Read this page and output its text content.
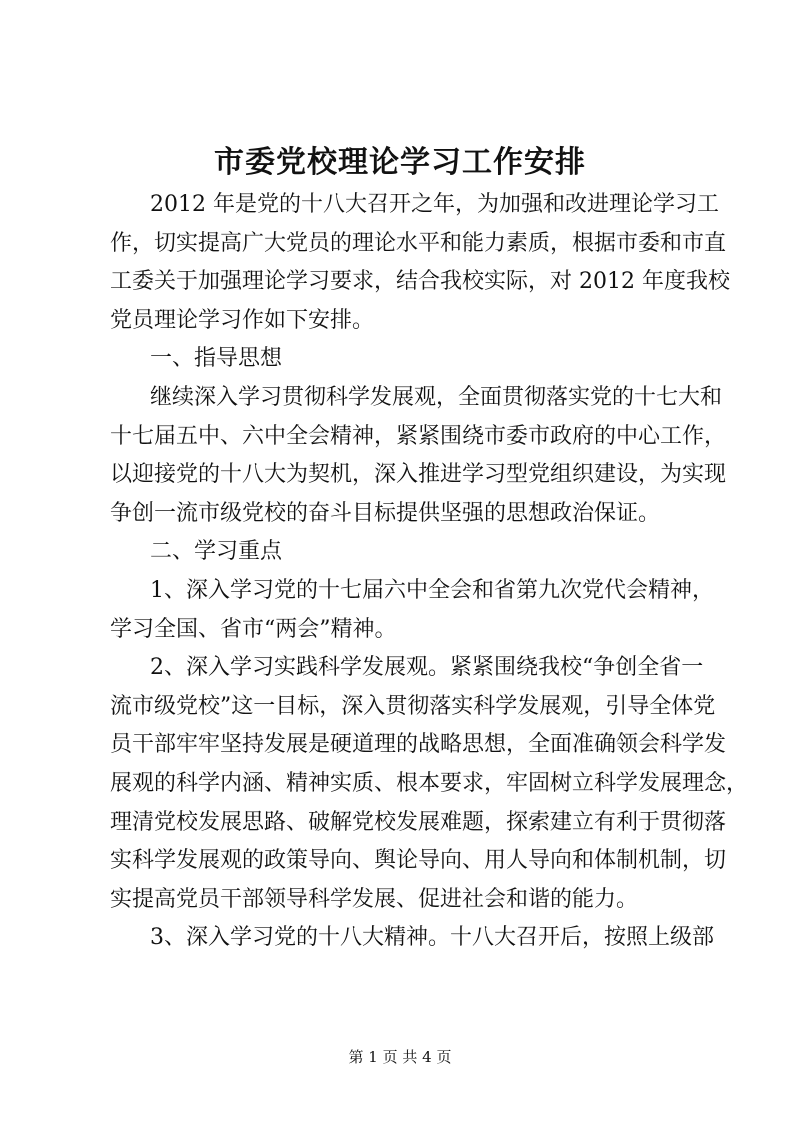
市委党校理论学习工作安排
2012 年是党的十八大召开之年，为加强和改进理论学习工
作，切实提高广大党员的理论水平和能力素质，根据市委和市直
工委关于加强理论学习要求，结合我校实际，对 2012 年度我校
党员理论学习作如下安排。
一、指导思想
继续深入学习贯彻科学发展观，全面贯彻落实党的十七大和
十七届五中、六中全会精神，紧紧围绕市委市政府的中心工作，
以迎接党的十八大为契机，深入推进学习型党组织建设，为实现
争创一流市级党校的奋斗目标提供坚强的思想政治保证。
二、学习重点
1、深入学习党的十七届六中全会和省第九次党代会精神，
学习全国、省市“两会”精神。
2、深入学习实践科学发展观。紧紧围绕我校“争创全省一
流市级党校”这一目标，深入贯彻落实科学发展观，引导全体党
员干部牢牢坚持发展是硬道理的战略思想，全面准确领会科学发
展观的科学内涵、精神实质、根本要求，牢固树立科学发展理念，
理清党校发展思路、破解党校发展难题，探索建立有利于贯彻落
实科学发展观的政策导向、舆论导向、用人导向和体制机制，切
实提高党员干部领导科学发展、促进社会和谐的能力。
3、深入学习党的十八大精神。十八大召开后，按照上级部
第 1 页 共 4 页
